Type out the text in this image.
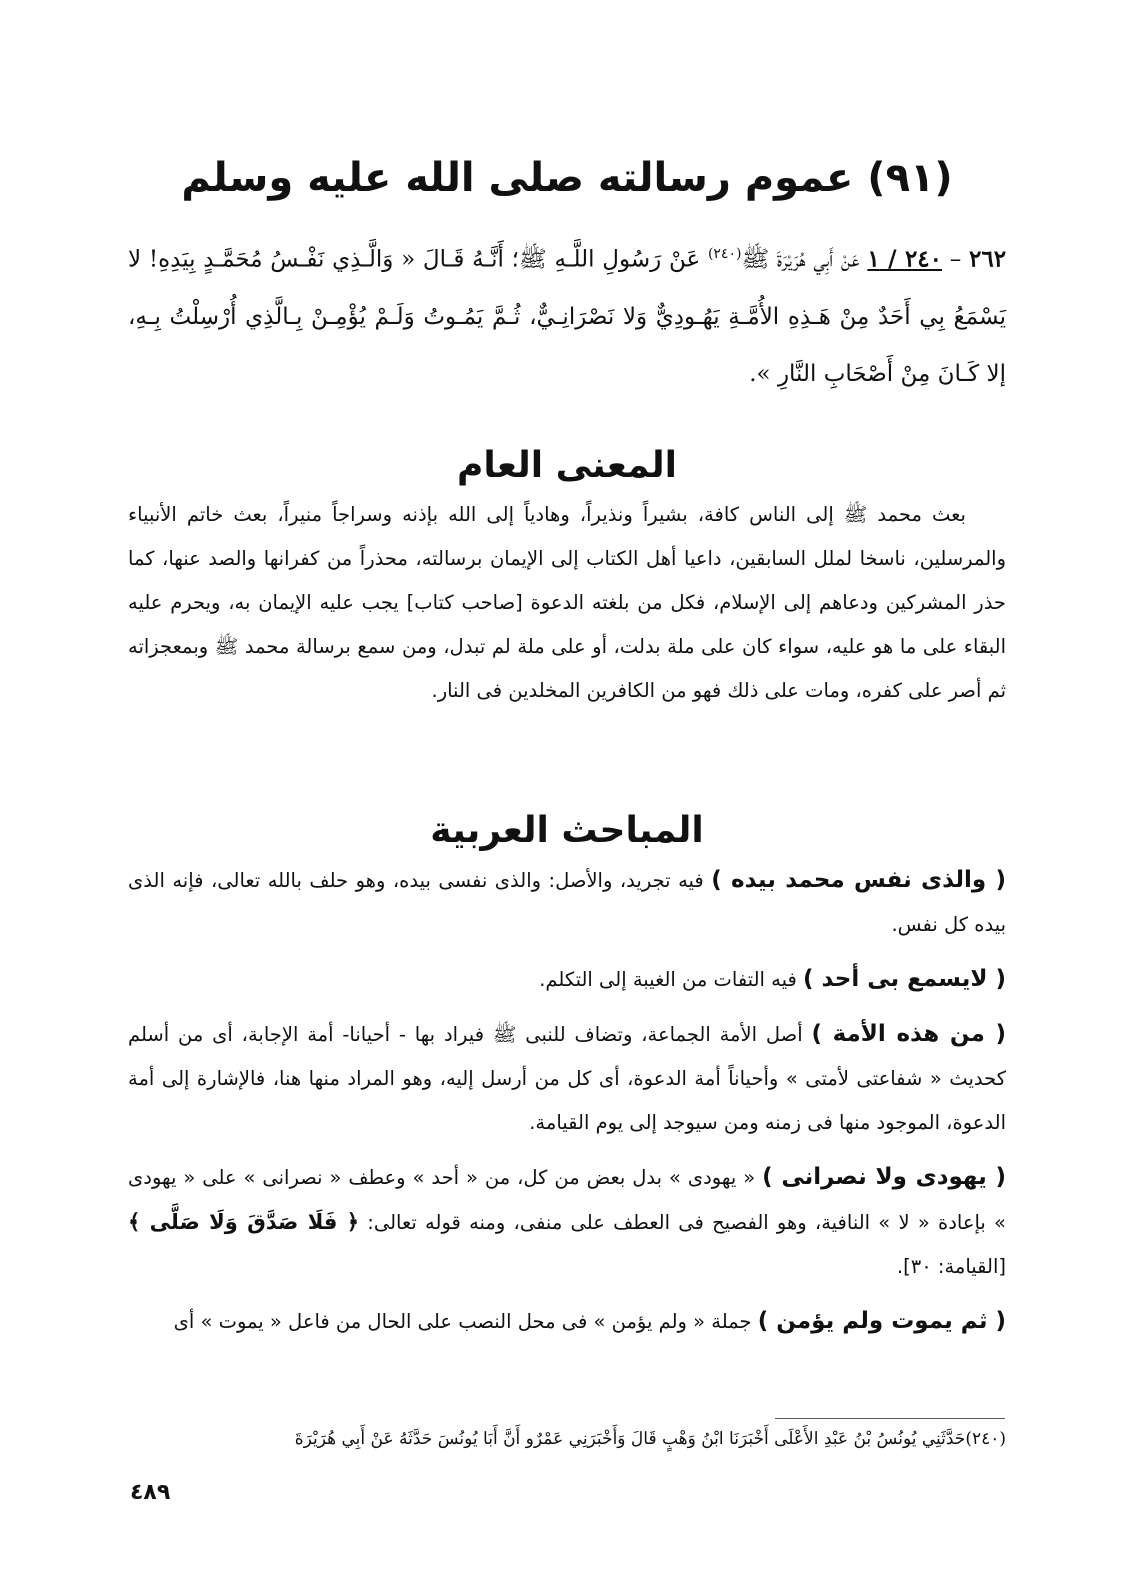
(٩١) عموم رسالته صلى الله عليه وسلم
٢٦٢ – ٢٤٠ / ١ عَنْ أَبِي هُرَيْرَةَ ﷺ$^{(٢٤٠)}$ عَنْ رَسُولِ اللَّـهِ ﷺ؛ أَنَّـهُ قَـالَ « وَالَّـذِي نَفْـسُ مُحَمَّـدٍ بِيَدِهِ! لا يَسْمَعُ بِي أَحَدٌ مِنْ هَـذِهِ الأُمَّـةِ يَهُـودِيٌّ وَلا نَصْرَانِـيٌّ، ثُـمَّ يَمُـوتُ وَلَـمْ يُؤْمِـنْ بِـالَّذِي أُرْسِلْتُ بِـهِ، إلا كَـانَ مِنْ أَصْحَابِ النَّارِ ».
المعنى العام

بعث محمد ﷺ إلى الناس كافة، بشيراً ونذيراً، وهادياً إلى الله بإذنه وسراجاً منيراً، بعث خاتم الأنبياء والمرسلين، ناسخا لملل السابقين، داعيا أهل الكتاب إلى الإيمان برسالته، محذراً من كفرانها والصد عنها، كما حذر المشركين ودعاهم إلى الإسلام، فكل من بلغته الدعوة [صاحب كتاب] يجب عليه الإيمان به، ويحرم عليه البقاء على ما هو عليه، سواء كان على ملة بدلت، أو على ملة لم تبدل، ومن سمع برسالة محمد ﷺ وبمعجزاته ثم أصر على كفره، ومات على ذلك فهو من الكافرين المخلدين فى النار.

المباحث العربية

( والذى نفس محمد بيده ) فيه تجريد، والأصل: والذى نفسى بيده، وهو حلف بالله تعالى، فإنه الذى بيده كل نفس.

( لايسمع بى أحد ) فيه التفات من الغيبة إلى التكلم.

( من هذه الأمة ) أصل الأمة الجماعة، وتضاف للنبى ﷺ فيراد بها - أحيانا- أمة الإجابة، أى من أسلم كحديث « شفاعتى لأمتى » وأحياناً أمة الدعوة، أى كل من أرسل إليه، وهو المراد منها هنا، فالإشارة إلى أمة الدعوة، الموجود منها فى زمنه ومن سيوجد إلى يوم القيامة.

( يهودى ولا نصرانى ) « يهودى » بدل بعض من كل، من « أحد » وعطف « نصرانى » على « يهودى » بإعادة « لا » النافية، وهو الفصيح فى العطف على منفى، ومنه قوله تعالى: ﴿ فَلَا صَدَّقَ وَلَا صَلَّى ﴾ [القيامة: ٣٠].

( ثم يموت ولم يؤمن ) جملة « ولم يؤمن » فى محل النصب على الحال من فاعل « يموت » أى

(٢٤٠)حَدَّثَنِي يُونُسُ بْنُ عَبْدِ الأَعْلَى أَخْبَرَنَا ابْنُ وَهْبٍ قَالَ وَأَخْبَرَنِي عَمْرٌو أَنَّ أَبَا يُونُسَ حَدَّثَهُ عَنْ أَبِي هُرَيْرَةَ
٤٨٩
